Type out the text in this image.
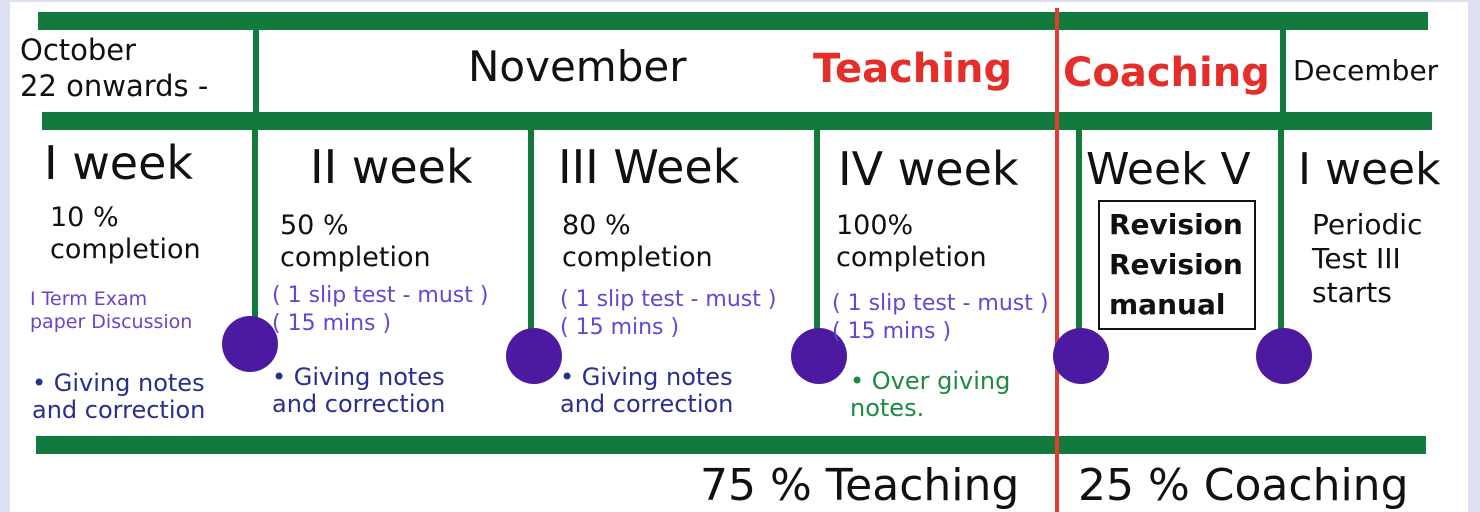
October
22 onwards -	November	Teaching Coaching December
I week
10 %
completion
I Term Exam
paper Discussion
• Giving notes
and correction
II week
50 %
completion
( 1 slip test - must )
( 15 mins )
• Giving notes
and correction
III Week
80 %
completion
( 1 slip test - must )
( 15 mins )
• Giving notes
and correction
IV week
100%
completion
( 1 slip test - must )
( 15 mins )
• Over giving
notes.
Week V
Revision
Revision
manual
I week
Periodic
Test III
starts
75 % Teaching 25 % Coaching
